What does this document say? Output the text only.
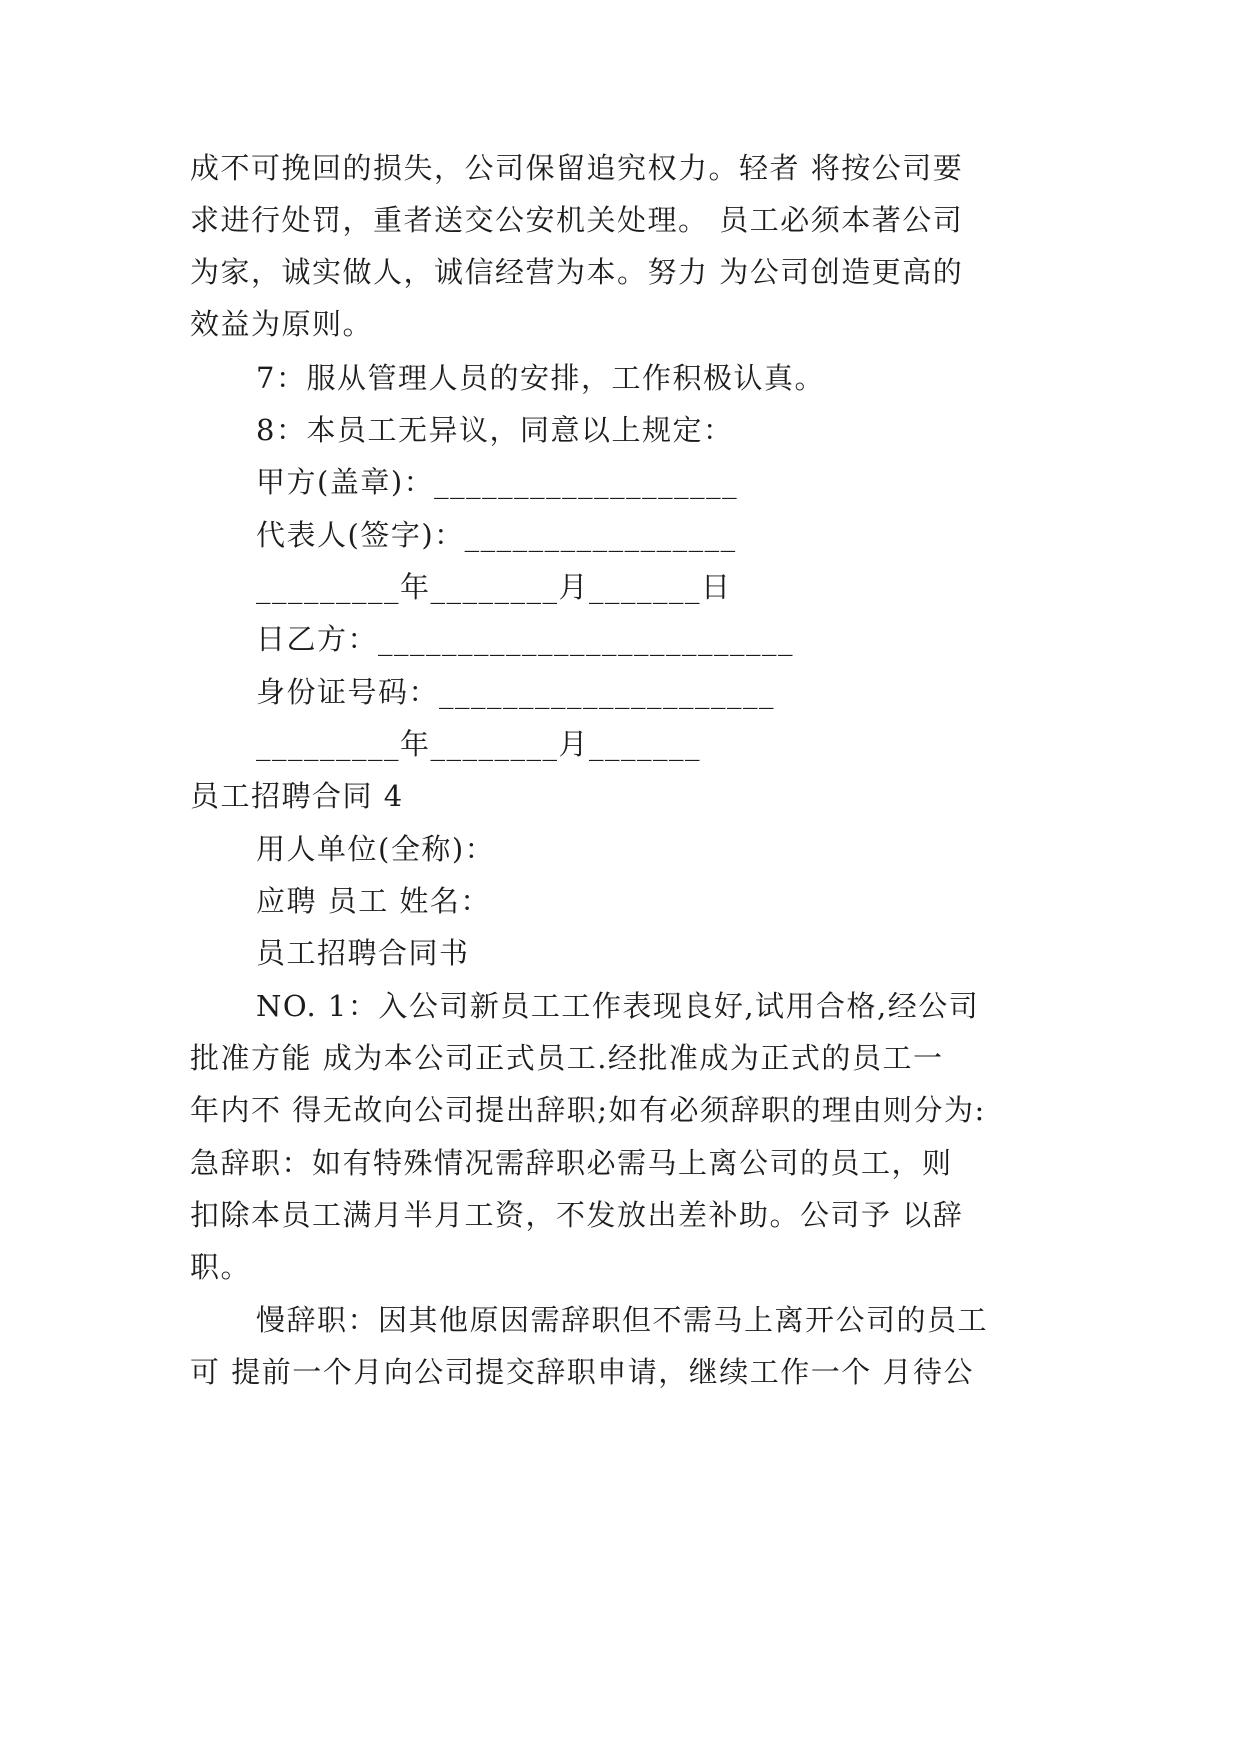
成不可挽回的损失，公司保留追究权力。轻者 将按公司要
求进行处罚，重者送交公安机关处理。 员工必须本著公司
为家，诚实做人，诚信经营为本。努力 为公司创造更高的
效益为原则。
7：服从管理人员的安排，工作积极认真。
8：本员工无异议，同意以上规定：
甲方(盖章)：___________________
代表人(签字)：_________________
_________年________月_______日
日乙方：__________________________
身份证号码：_____________________
_________年________月_______
员工招聘合同 4
用人单位(全称)：
应聘 员工 姓名：
员工招聘合同书
NO. 1：入公司新员工工作表现良好,试用合格,经公司
批准方能 成为本公司正式员工.经批准成为正式的员工一
年内不 得无故向公司提出辞职;如有必须辞职的理由则分为:
急辞职：如有特殊情况需辞职必需马上离公司的员工，则
扣除本员工满月半月工资，不发放出差补助。公司予 以辞
职。
慢辞职：因其他原因需辞职但不需马上离开公司的员工
可 提前一个月向公司提交辞职申请，继续工作一个 月待公
